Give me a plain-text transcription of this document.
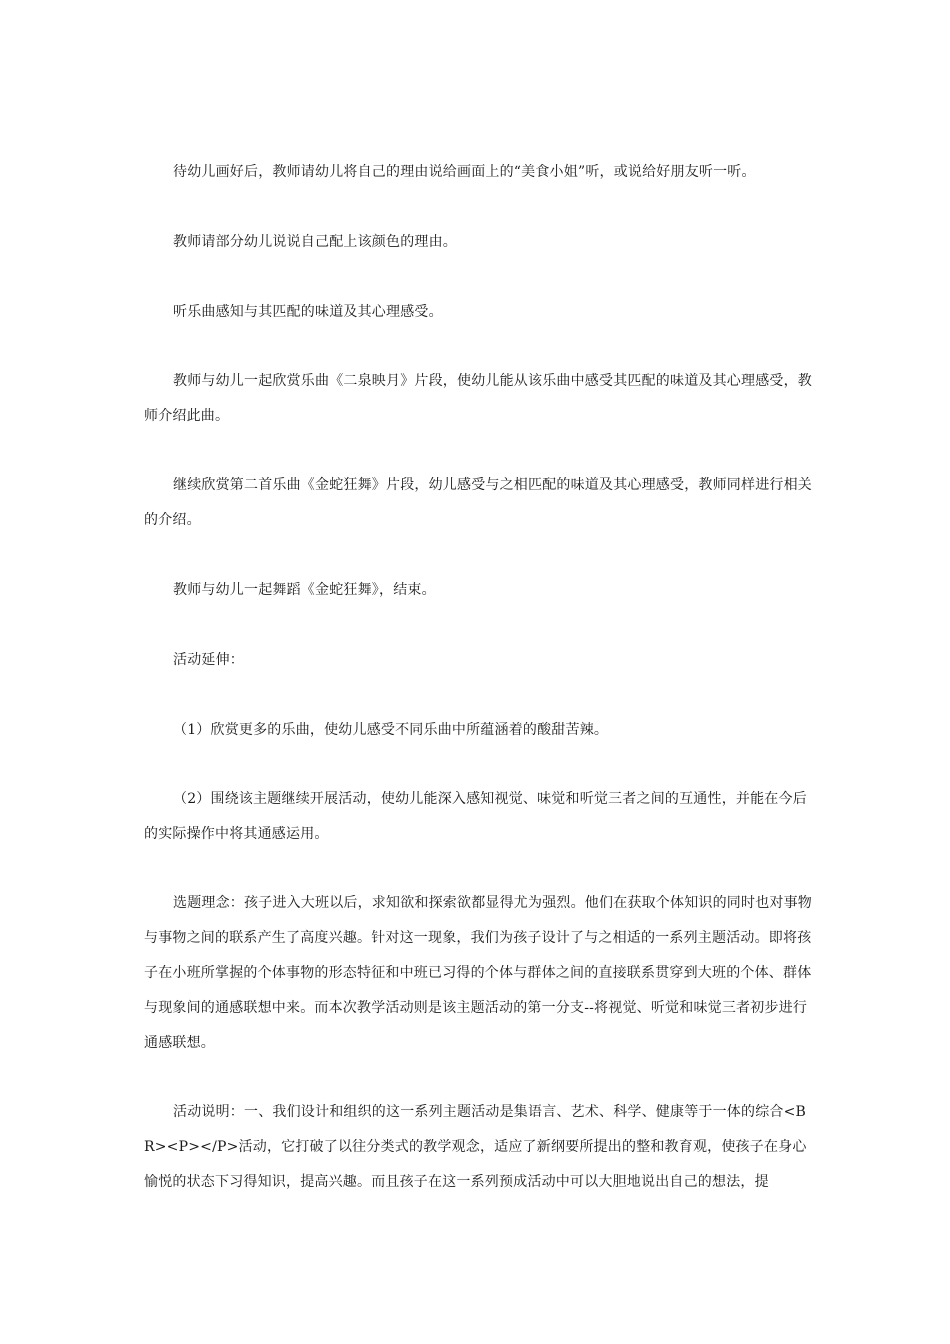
待幼儿画好后，教师请幼儿将自己的理由说给画面上的“美食小姐”听，或说给好朋友听一听。

教师请部分幼儿说说自己配上该颜色的理由。

听乐曲感知与其匹配的味道及其心理感受。

教师与幼儿一起欣赏乐曲《二泉映月》片段，使幼儿能从该乐曲中感受其匹配的味道及其心理感受，教师介绍此曲。

继续欣赏第二首乐曲《金蛇狂舞》片段，幼儿感受与之相匹配的味道及其心理感受，教师同样进行相关的介绍。

教师与幼儿一起舞蹈《金蛇狂舞》，结束。

活动延伸：

（1）欣赏更多的乐曲，使幼儿感受不同乐曲中所蕴涵着的酸甜苦辣。

（2）围绕该主题继续开展活动，使幼儿能深入感知视觉、味觉和听觉三者之间的互通性，并能在今后的实际操作中将其通感运用。

选题理念：孩子进入大班以后，求知欲和探索欲都显得尤为强烈。他们在获取个体知识的同时也对事物与事物之间的联系产生了高度兴趣。针对这一现象，我们为孩子设计了与之相适的一系列主题活动。即将孩子在小班所掌握的个体事物的形态特征和中班已习得的个体与群体之间的直接联系贯穿到大班的个体、群体与现象间的通感联想中来。而本次教学活动则是该主题活动的第一分支--将视觉、听觉和味觉三者初步进行通感联想。

活动说明：一、我们设计和组织的这一系列主题活动是集语言、艺术、科学、健康等于一体的综合<BR><P></P>活动，它打破了以往分类式的教学观念，适应了新纲要所提出的整和教育观，使孩子在身心愉悦的状态下习得知识，提高兴趣。而且孩子在这一系列预成活动中可以大胆地说出自己的想法，提
